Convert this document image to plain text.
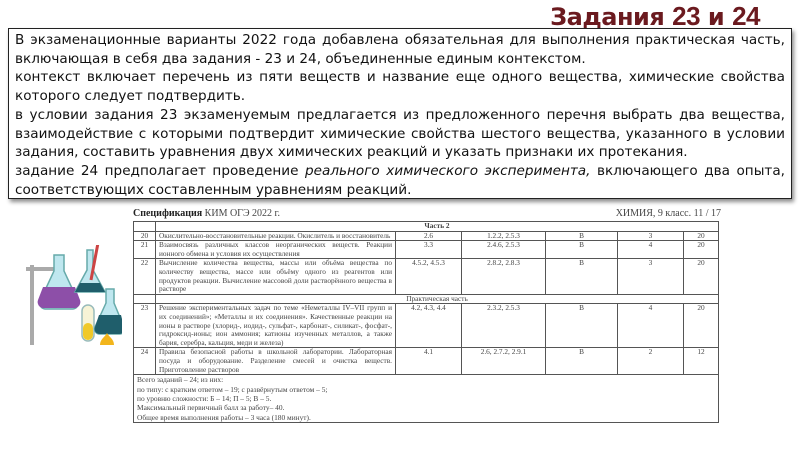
Задания 23 и 24

В экзаменационные варианты 2022 года добавлена обязательная для выполнения практическая часть, включающая в себя два задания - 23 и 24, объединенные единым контекстом.

контекст включает перечень из пяти веществ и название еще одного вещества, химические свойства которого следует подтвердить.

в условии задания 23 экзаменуемым предлагается из предложенного перечня выбрать два вещества, взаимодействие с которыми подтвердит химические свойства шестого вещества, указанного в условии задания, составить уравнения двух химических реакций и указать признаки их протекания.

задание 24 предполагает проведение реального химического эксперимента, включающего два опыта, соответствующих составленным уравнениям реакций.

Спецификация КИМ ОГЭ 2022 г.	ХИМИЯ, 9 класс. 11 / 17
	Часть 2					
20	Окислительно-восстановительные реакции. Окислитель и восстановитель	2.6	1.2.2, 2.5.3	В	3	20
21	Взаимосвязь различных классов неорганических веществ. Реакции ионного обмена и условия их осуществления	3.3	2.4.6, 2.5.3	В	4	20
22	Вычисление количества вещества, массы или объёма вещества по количеству вещества, массе или объёму одного из реагентов или продуктов реакции. Вычисление массовой доли растворённого вещества в растворе	4.5.2, 4.5.3	2.8.2, 2.8.3	В	3	20
	Практическая часть					
23	Решение экспериментальных задач по теме «Неметаллы IV–VII групп и их соединений»; «Металлы и их соединения». Качественные реакции на ионы в растворе (хлорид-, иодид-, сульфат-, карбонат-, силикат-, фосфат-, гидроксид-ионы; ион аммония; катионы изученных металлов, а также бария, серебра, кальция, меди и железа)	4.2, 4.3, 4.4	2.3.2, 2.5.3	В	4	20
24	Правила безопасной работы в школьной лаборатории. Лабораторная посуда и оборудование. Разделение смесей и очистка веществ. Приготовление растворов	4.1	2.6, 2.7.2, 2.9.1	В	2	12

Всего заданий – 24; из них:
по типу: с кратким ответом – 19; с развёрнутым ответом – 5;
по уровню сложности: Б – 14; П – 5; В – 5.
Максимальный первичный балл за работу– 40.
Общее время выполнения работы – 3 часа (180 минут).						
